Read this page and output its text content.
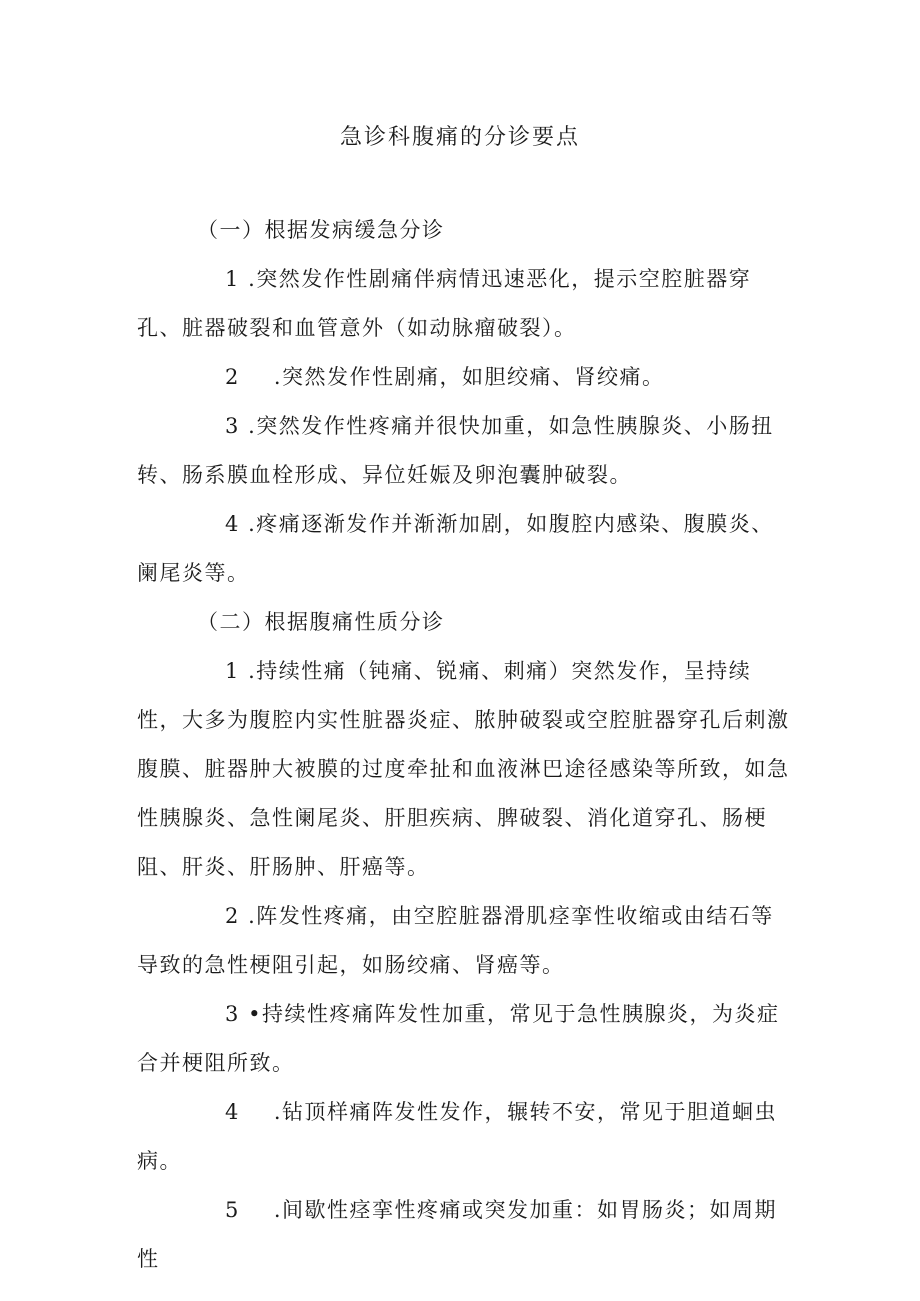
急诊科腹痛的分诊要点

（一）根据发病缓急分诊

1 .突然发作性剧痛伴病情迅速恶化，提示空腔脏器穿孔、脏器破裂和血管意外（如动脉瘤破裂）。

2 .突然发作性剧痛，如胆绞痛、肾绞痛。

3 .突然发作性疼痛并很快加重，如急性胰腺炎、小肠扭转、肠系膜血栓形成、异位妊娠及卵泡囊肿破裂。

4 .疼痛逐渐发作并渐渐加剧，如腹腔内感染、腹膜炎、阑尾炎等。

（二）根据腹痛性质分诊

1 .持续性痛（钝痛、锐痛、刺痛）突然发作，呈持续性，大多为腹腔内实性脏器炎症、脓肿破裂或空腔脏器穿孔后刺激腹膜、脏器肿大被膜的过度牵扯和血液淋巴途径感染等所致，如急性胰腺炎、急性阑尾炎、肝胆疾病、脾破裂、消化道穿孔、肠梗阻、肝炎、肝肠肿、肝癌等。

2 .阵发性疼痛，由空腔脏器滑肌痉挛性收缩或由结石等导致的急性梗阻引起，如肠绞痛、肾癌等。

3 •持续性疼痛阵发性加重，常见于急性胰腺炎，为炎症合并梗阻所致。

4 .钻顶样痛阵发性发作，辗转不安，常见于胆道蛔虫病。

5 .间歇性痉挛性疼痛或突发加重：如胃肠炎；如周期性
